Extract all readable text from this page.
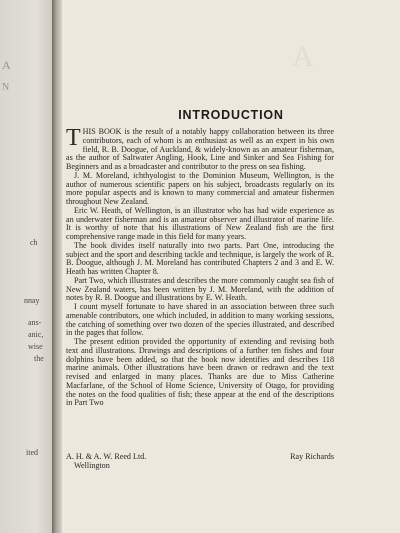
A
N
ch
nnay
ans-
anic,
wise
the
ited
A
INTRODUCTION

THIS BOOK is the result of a notably happy collaboration between its three contributors, each of whom is an enthusiast as well as an expert in his own field, R. B. Doogue, of Auckland, & widely-known as an amateur fisherman, as the author of Saltwater Angling, Hook, Line and Sinker and Sea Fishing for Beginners and as a broadcaster and contributor to the press on sea fishing.

J. M. Moreland, ichthyologist to the Dominion Museum, Wellington, is the author of numerous scientific papers on his subject, broadcasts regularly on its more popular aspects and is known to many commercial and amateur fishermen throughout New Zealand.

Eric W. Heath, of Wellington, is an illustrator who has had wide experience as an underwater fisherman and is an amateur observer and illustrator of marine life. It is worthy of note that his illustrations of New Zealand fish are the first comprehensive range made in this field for many years.

The book divides itself naturally into two parts. Part One, introducing the subject and the sport and describing tackle and technique, is largely the work of R. B. Doogue, although J. M. Moreland has contributed Chapters 2 and 3 and E. W. Heath has written Chapter 8.

Part Two, which illustrates and describes the more commonly caught sea fish of New Zealand waters, has been written by J. M. Moreland, with the addition of notes by R. B. Doogue and illustrations by E. W. Heath.

I count myself fortunate to have shared in an association between three such amenable contributors, one which included, in addition to many working sessions, the catching of something over two dozen of the species illustrated, and described in the pages that follow.

The present edition provided the opportunity of extending and revising both text and illustrations. Drawings and descriptions of a further ten fishes and four dolphins have been added, so that the book now identifies and describes 118 marine animals. Other illustrations have been drawn or redrawn and the text revised and enlarged in many places. Thanks are due to Miss Catherine Macfarlane, of the School of Home Science, University of Otago, for providing the notes on the food qualities of fish; these appear at the end of the descriptions in Part Two

A. H. & A. W. Reed Ltd.
Wellington
Ray Richards
